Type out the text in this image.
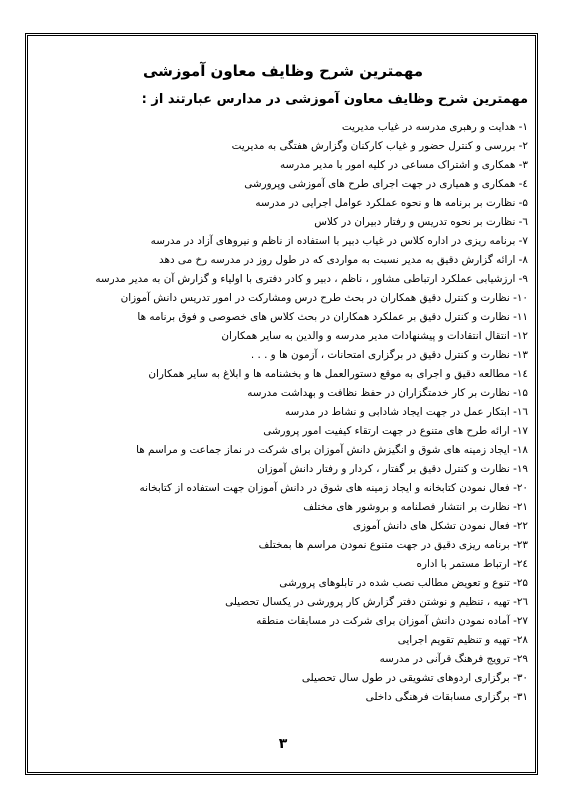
مهمترین شرح وظایف معاون آموزشی
مهمترین شرح وظایف معاون آموزشی در مدارس عبارتند از :
۱- هدایت و رهبری مدرسه در غیاب مدیریت
۲- بررسی و کنترل حضور و غیاب کارکنان وگزارش هفتگی به مدیریت
۳- همکاری و اشتراک مساعی در کلیه امور با مدیر مدرسه
٤- همکاری و همیاری در جهت اجرای طرح های آموزشی وپرورشی
۵- نظارت بر برنامه ها و نحوه عملکرد عوامل اجرایی در مدرسه
٦- نظارت بر نحوه تدریس و رفتار دبیران در کلاس
۷- برنامه ریزی در اداره کلاس در غیاب دبیر با استفاده از ناظم و نیروهای آزاد در مدرسه
۸- ارائه گزارش دقیق به مدیر نسبت به مواردی که در طول روز در مدرسه رخ می دهد
۹- ارزشیابی عملکرد ارتباطی مشاور ، ناظم ، دبیر و کادر دفتری با اولیاء و گزارش آن به مدیر مدرسه
۱۰- نظارت و کنترل دقیق همکاران در بحث طرح درس ومشارکت در امور تدریس دانش آموزان
۱۱- نظارت و کنترل دقیق بر عملکرد همکاران در بحث کلاس های خصوصی و فوق برنامه ها
۱۲- انتقال انتقادات و پیشنهادات مدیر مدرسه و والدین به سایر همکاران
۱۳- نظارت و کنترل دقیق در برگزاری امتحانات ، آزمون ها و . . .
١٤- مطالعه دقیق و اجرای به موقع دستورالعمل ها و بخشنامه ها و ابلاغ به سایر همکاران
۱۵- نظارت بر کار خدمتگزاران در حفظ نظافت و بهداشت مدرسه
١٦- ابتکار عمل در جهت ایجاد شادابی و نشاط در مدرسه
۱۷- ارائه طرح های متنوع در جهت ارتقاء کیفیت امور پرورشی
۱۸- ایجاد زمینه های شوق و انگیزش دانش آموزان برای شرکت در نماز جماعت و مراسم ها
۱۹- نظارت و کنترل دقیق بر گفتار ، کردار و رفتار دانش آموزان
۲۰- فعال نمودن کتابخانه و ایجاد زمینه های شوق در دانش آموزان جهت استفاده از کتابخانه
۲۱- نظارت بر انتشار فصلنامه و بروشور های مختلف
۲۲- فعال نمودن تشکل های دانش آموزی
۲۳- برنامه ریزی دقیق در جهت متنوع نمودن مراسم ها بمختلف
٢٤- ارتباط مستمر با اداره
۲۵- تنوع و تعویض مطالب نصب شده در تابلوهای پرورشی
٢٦- تهیه ، تنظیم و نوشتن دفتر گزارش کار پرورشی در یکسال تحصیلی
۲۷- آماده نمودن دانش آموزان برای شرکت در مسابقات منطقه
۲۸- تهیه و تنظیم تقویم اجرایی
۲۹- ترویج فرهنگ قرآنی در مدرسه
۳۰- برگزاری اردوهای تشویقی در طول سال تحصیلی
۳۱- برگزاری مسابقات فرهنگی داخلی
۳
